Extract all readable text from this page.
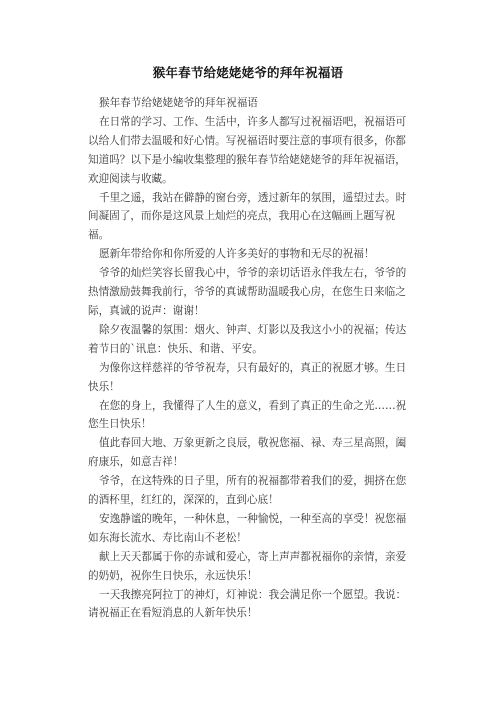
猴年春节给姥姥姥爷的拜年祝福语

猴年春节给姥姥姥爷的拜年祝福语

在日常的学习、工作、生活中，许多人都写过祝福语吧，祝福语可以给人们带去温暖和好心情。写祝福语时要注意的事项有很多，你都知道吗？以下是小编收集整理的猴年春节给姥姥姥爷的拜年祝福语，欢迎阅读与收藏。

千里之遥，我站在僻静的窗台旁，透过新年的氛围，遥望过去。时间凝固了，而你是这风景上灿烂的亮点，我用心在这幅画上题写祝福。

愿新年带给你和你所爱的人许多美好的事物和无尽的祝福！

爷爷的灿烂笑容长留我心中，爷爷的亲切话语永伴我左右，爷爷的热情激励鼓舞我前行，爷爷的真诚帮助温暖我心房，在您生日来临之际，真诚的说声：谢谢！

除夕夜温馨的氛围：烟火、钟声、灯影以及我这小小的祝福；传达着节日的`讯息：快乐、和谐、平安。

为像你这样慈祥的爷爷祝寿，只有最好的，真正的祝愿才够。生日快乐！

在您的身上，我懂得了人生的意义，看到了真正的生命之光……祝您生日快乐！

值此春回大地、万象更新之良辰，敬祝您福、禄、寿三星高照，阖府康乐，如意吉祥！

爷爷，在这特殊的日子里，所有的祝福都带着我们的爱，拥挤在您的酒杯里，红红的，深深的，直到心底！

安逸静谧的晚年，一种休息，一种愉悦，一种至高的享受！祝您福如东海长流水、寿比南山不老松！

献上天天都属于你的赤诚和爱心，寄上声声都祝福你的亲情，亲爱的奶奶，祝你生日快乐，永远快乐！

一天我擦亮阿拉丁的神灯，灯神说：我会满足你一个愿望。我说：请祝福正在看短消息的人新年快乐！
